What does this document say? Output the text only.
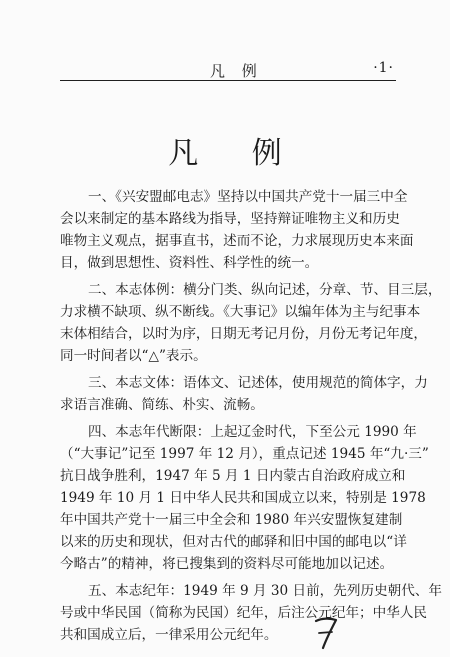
凡 例	·1·
凡 例
一、《兴安盟邮电志》坚持以中国共产党十一届三中全
会以来制定的基本路线为指导，坚持辩证唯物主义和历史
唯物主义观点，据事直书，述而不论，力求展现历史本来面
目，做到思想性、资料性、科学性的统一。
二、本志体例：横分门类、纵向记述，分章、节、目三层，
力求横不缺项、纵不断线。《大事记》以编年体为主与纪事本
末体相结合，以时为序，日期无考记月份，月份无考记年度，
同一时间者以“△”表示。
三、本志文体：语体文、记述体，使用规范的简体字，力
求语言准确、简练、朴实、流畅。
四、本志年代断限：上起辽金时代，下至公元 1990 年
（“大事记”记至 1997 年 12 月），重点记述 1945 年“九·三”
抗日战争胜利，1947 年 5 月 1 日内蒙古自治政府成立和
1949 年 10 月 1 日中华人民共和国成立以来，特别是 1978
年中国共产党十一届三中全会和 1980 年兴安盟恢复建制
以来的历史和现状，但对古代的邮驿和旧中国的邮电以“详
今略古”的精神，将已搜集到的资料尽可能地加以记述。
五、本志纪年：1949 年 9 月 30 日前，先列历史朝代、年
号或中华民国（简称为民国）纪年，后注公元纪年；中华人民
共和国成立后，一律采用公元纪年。
